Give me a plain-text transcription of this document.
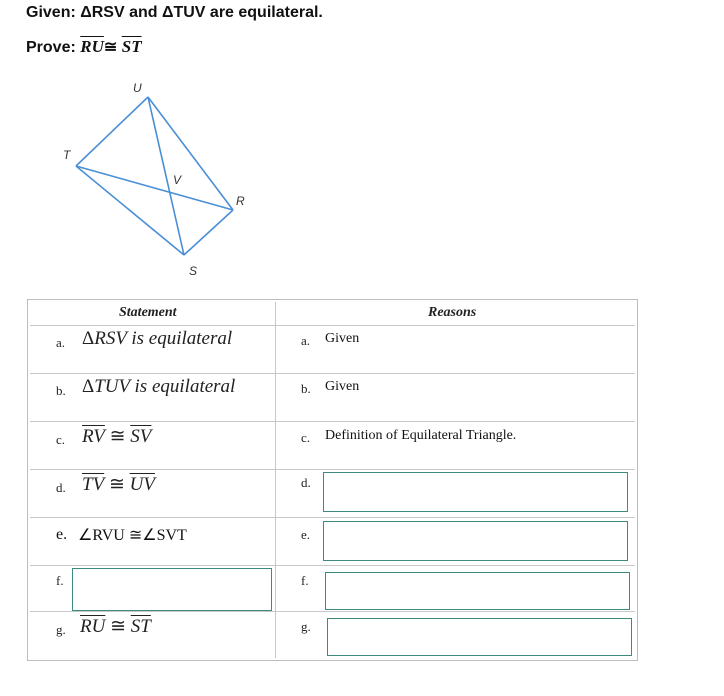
Given: ΔRSV and ΔTUV are equilateral.
Prove: $\overline{RU}≅$ $\overline{ST}$
U
T
V
R
S
Statement	Reasons
a. ΔRSV is equilateral	a. Given
b. ΔTUV is equilateral	b. Given
c. $\overline{RV}$ ≅ $\overline{SV}$	c. Definition of Equilateral Triangle.
d. $\overline{TV}$ ≅ $\overline{UV}$	d.
e. ∠RVU ≅∠SVT	e.
f.	f.
g. $\overline{RU}$ ≅ $\overline{ST}$	g.
